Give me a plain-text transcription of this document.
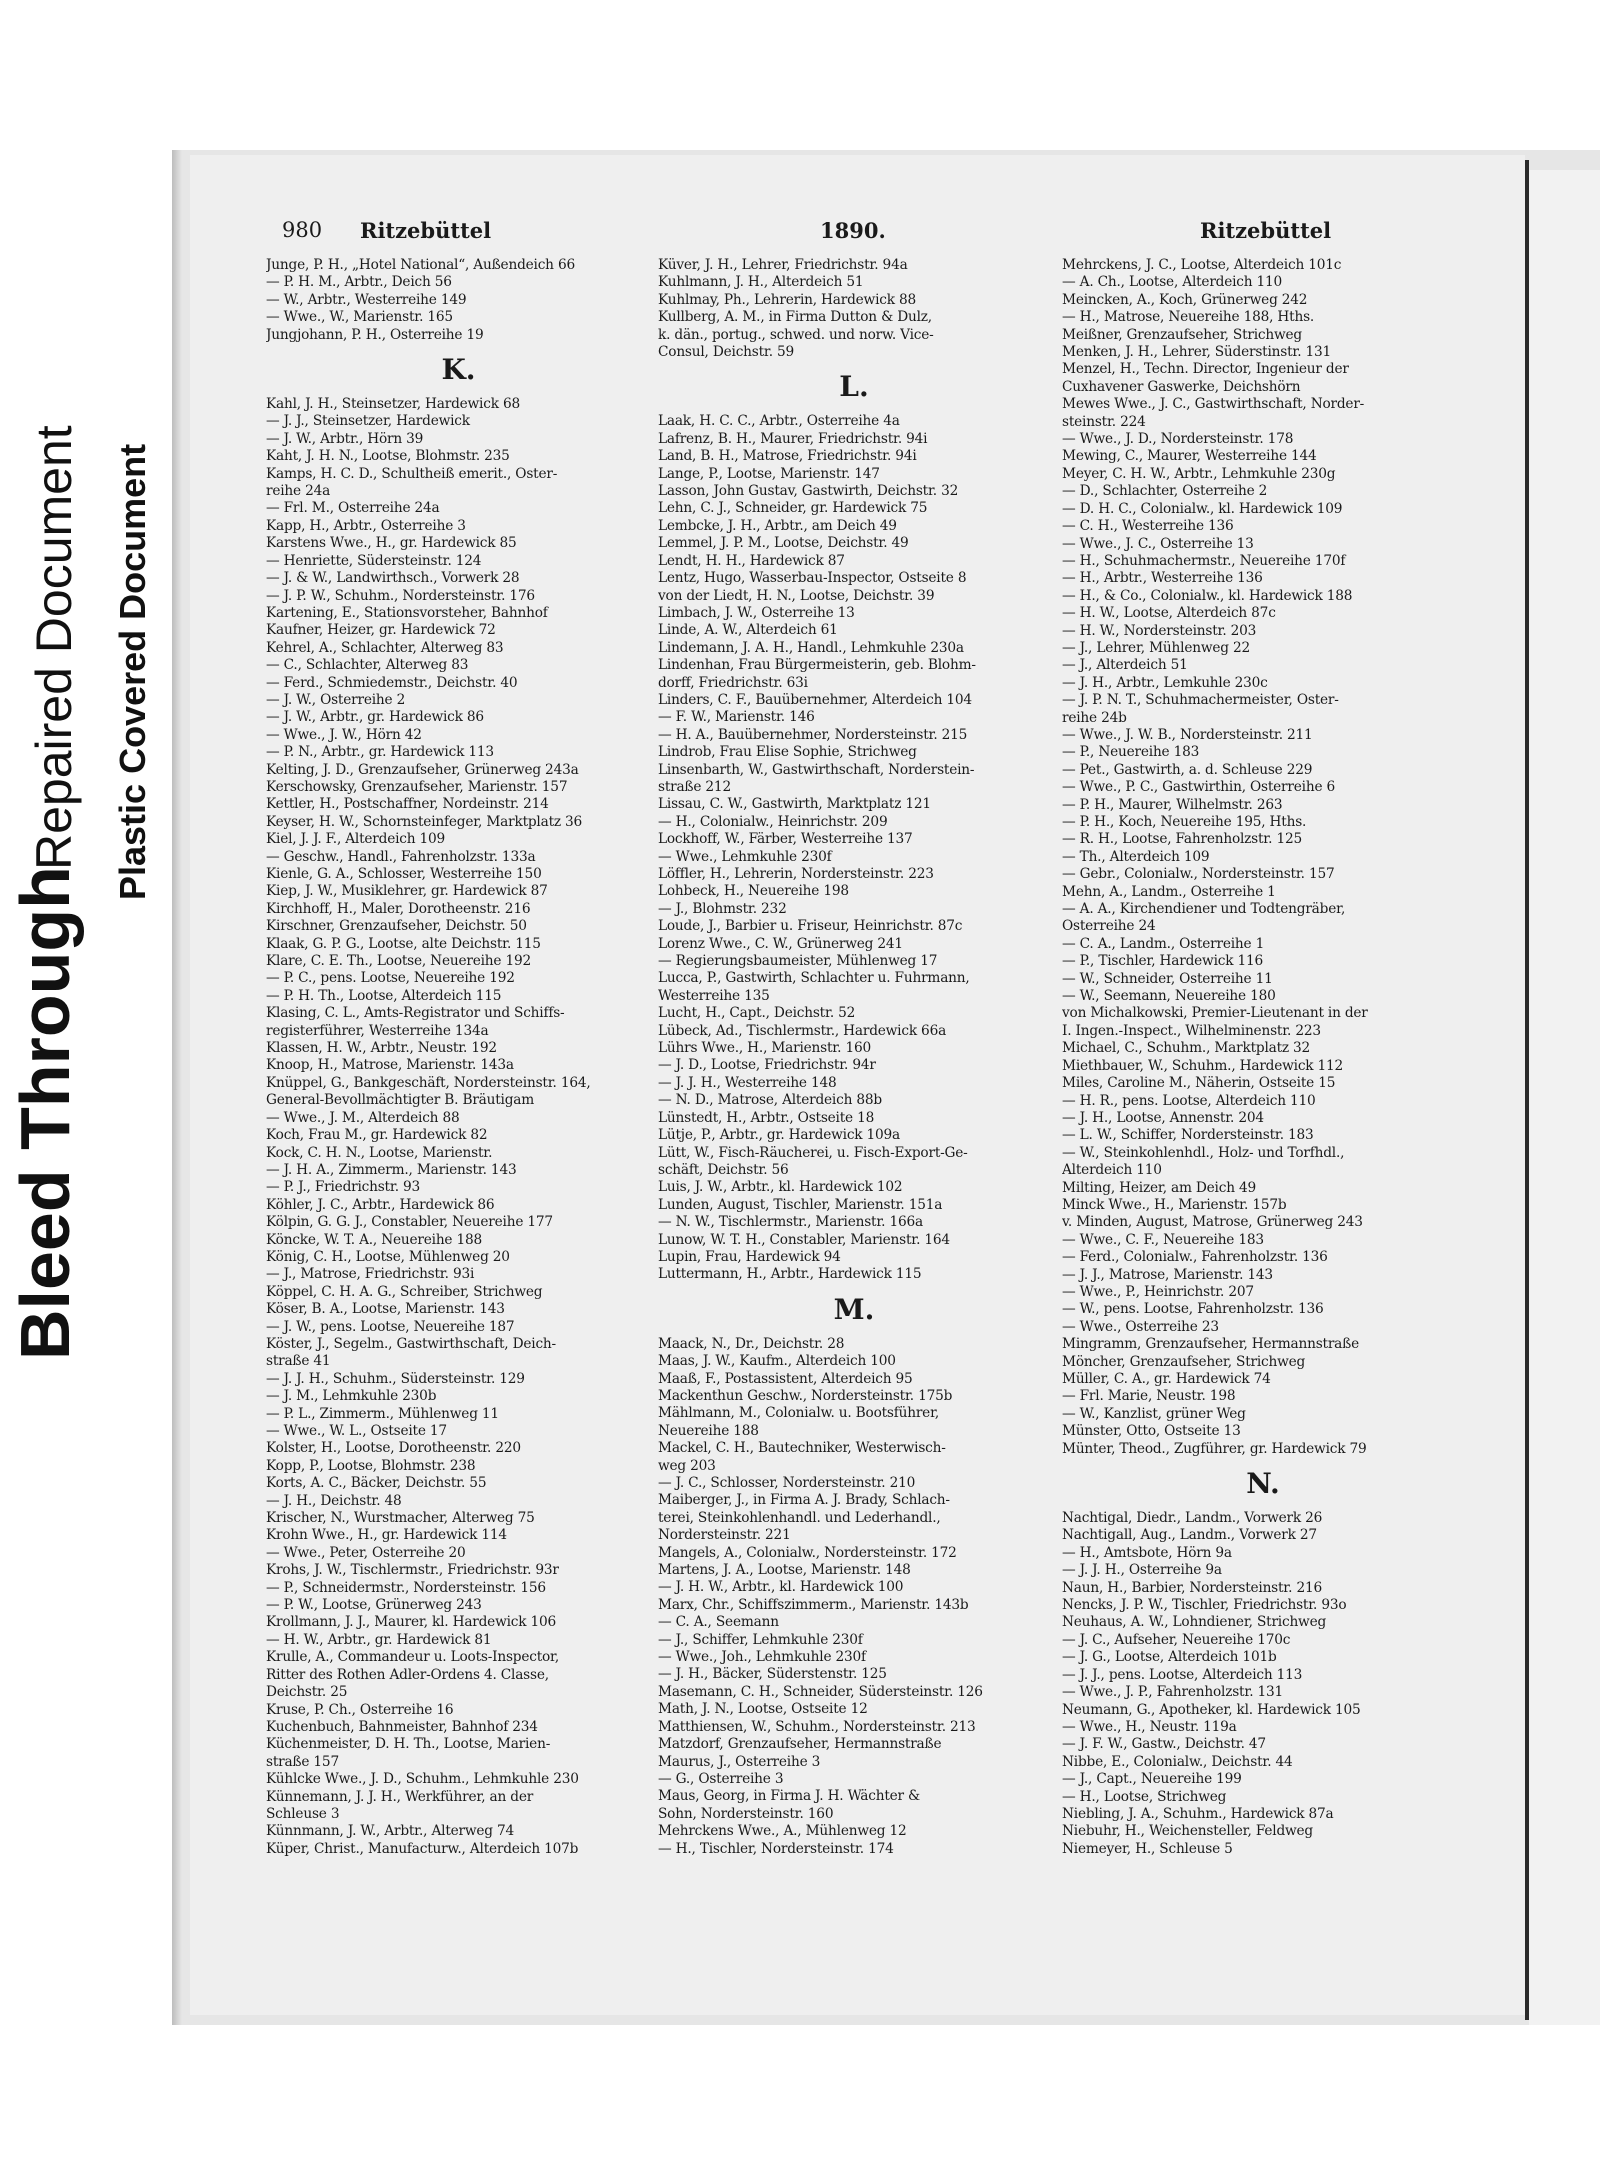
Bleed Through
Repaired Document Plastic Covered Document
980 Ritzebüttel	1890.	Ritzebüttel
Junge, P. H., „Hotel National“, Außendeich 66
— P. H. M., Arbtr., Deich 56
— W., Arbtr., Westerreihe 149
— Wwe., W., Marienstr. 165
Jungjohann, P. H., Osterreihe 19
K.
Kahl, J. H., Steinsetzer, Hardewick 68
— J. J., Steinsetzer, Hardewick
— J. W., Arbtr., Hörn 39
Kaht, J. H. N., Lootse, Blohmstr. 235
Kamps, H. C. D., Schultheiß emerit., Oster-
reihe 24a
— Frl. M., Osterreihe 24a
Kapp, H., Arbtr., Osterreihe 3
Karstens Wwe., H., gr. Hardewick 85
— Henriette, Südersteinstr. 124
— J. & W., Landwirthsch., Vorwerk 28
— J. P. W., Schuhm., Nordersteinstr. 176
Kartening, E., Stationsvorsteher, Bahnhof
Kaufner, Heizer, gr. Hardewick 72
Kehrel, A., Schlachter, Alterweg 83
— C., Schlachter, Alterweg 83
— Ferd., Schmiedemstr., Deichstr. 40
— J. W., Osterreihe 2
— J. W., Arbtr., gr. Hardewick 86
— Wwe., J. W., Hörn 42
— P. N., Arbtr., gr. Hardewick 113
Kelting, J. D., Grenzaufseher, Grünerweg 243a
Kerschowsky, Grenzaufseher, Marienstr. 157
Kettler, H., Postschaffner, Nordeinstr. 214
Keyser, H. W., Schornsteinfeger, Marktplatz 36
Kiel, J. J. F., Alterdeich 109
— Geschw., Handl., Fahrenholzstr. 133a
Kienle, G. A., Schlosser, Westerreihe 150
Kiep, J. W., Musiklehrer, gr. Hardewick 87
Kirchhoff, H., Maler, Dorotheenstr. 216
Kirschner, Grenzaufseher, Deichstr. 50
Klaak, G. P. G., Lootse, alte Deichstr. 115
Klare, C. E. Th., Lootse, Neuereihe 192
— P. C., pens. Lootse, Neuereihe 192
— P. H. Th., Lootse, Alterdeich 115
Klasing, C. L., Amts-Registrator und Schiffs-
registerführer, Westerreihe 134a
Klassen, H. W., Arbtr., Neustr. 192
Knoop, H., Matrose, Marienstr. 143a
Knüppel, G., Bankgeschäft, Nordersteinstr. 164,
General-Bevollmächtigter B. Bräutigam
— Wwe., J. M., Alterdeich 88
Koch, Frau M., gr. Hardewick 82
Kock, C. H. N., Lootse, Marienstr.
— J. H. A., Zimmerm., Marienstr. 143
— P. J., Friedrichstr. 93
Köhler, J. C., Arbtr., Hardewick 86
Kölpin, G. G. J., Constabler, Neuereihe 177
Köncke, W. T. A., Neuereihe 188
König, C. H., Lootse, Mühlenweg 20
— J., Matrose, Friedrichstr. 93i
Köppel, C. H. A. G., Schreiber, Strichweg
Köser, B. A., Lootse, Marienstr. 143
— J. W., pens. Lootse, Neuereihe 187
Köster, J., Segelm., Gastwirthschaft, Deich-
straße 41
— J. J. H., Schuhm., Südersteinstr. 129
— J. M., Lehmkuhle 230b
— P. L., Zimmerm., Mühlenweg 11
— Wwe., W. L., Ostseite 17
Kolster, H., Lootse, Dorotheenstr. 220
Kopp, P., Lootse, Blohmstr. 238
Korts, A. C., Bäcker, Deichstr. 55
— J. H., Deichstr. 48
Krischer, N., Wurstmacher, Alterweg 75
Krohn Wwe., H., gr. Hardewick 114
— Wwe., Peter, Osterreihe 20
Krohs, J. W., Tischlermstr., Friedrichstr. 93r
— P., Schneidermstr., Nordersteinstr. 156
— P. W., Lootse, Grünerweg 243
Krollmann, J. J., Maurer, kl. Hardewick 106
— H. W., Arbtr., gr. Hardewick 81
Krulle, A., Commandeur u. Loots-Inspector,
Ritter des Rothen Adler-Ordens 4. Classe,
Deichstr. 25
Kruse, P. Ch., Osterreihe 16
Kuchenbuch, Bahnmeister, Bahnhof 234
Küchenmeister, D. H. Th., Lootse, Marien-
straße 157
Kühlcke Wwe., J. D., Schuhm., Lehmkuhle 230
Künnemann, J. J. H., Werkführer, an der
Schleuse 3
Künnmann, J. W., Arbtr., Alterweg 74
Küper, Christ., Manufacturw., Alterdeich 107b
Küver, J. H., Lehrer, Friedrichstr. 94a
Kuhlmann, J. H., Alterdeich 51
Kuhlmay, Ph., Lehrerin, Hardewick 88
Kullberg, A. M., in Firma Dutton & Dulz,
k. dän., portug., schwed. und norw. Vice-
Consul, Deichstr. 59
L.
Laak, H. C. C., Arbtr., Osterreihe 4a
Lafrenz, B. H., Maurer, Friedrichstr. 94i
Land, B. H., Matrose, Friedrichstr. 94i
Lange, P., Lootse, Marienstr. 147
Lasson, John Gustav, Gastwirth, Deichstr. 32
Lehn, C. J., Schneider, gr. Hardewick 75
Lembcke, J. H., Arbtr., am Deich 49
Lemmel, J. P. M., Lootse, Deichstr. 49
Lendt, H. H., Hardewick 87
Lentz, Hugo, Wasserbau-Inspector, Ostseite 8
von der Liedt, H. N., Lootse, Deichstr. 39
Limbach, J. W., Osterreihe 13
Linde, A. W., Alterdeich 61
Lindemann, J. A. H., Handl., Lehmkuhle 230a
Lindenhan, Frau Bürgermeisterin, geb. Blohm-
dorff, Friedrichstr. 63i
Linders, C. F., Bauübernehmer, Alterdeich 104
— F. W., Marienstr. 146
— H. A., Bauübernehmer, Nordersteinstr. 215
Lindrob, Frau Elise Sophie, Strichweg
Linsenbarth, W., Gastwirthschaft, Norderstein-
straße 212
Lissau, C. W., Gastwirth, Marktplatz 121
— H., Colonialw., Heinrichstr. 209
Lockhoff, W., Färber, Westerreihe 137
— Wwe., Lehmkuhle 230f
Löffler, H., Lehrerin, Nordersteinstr. 223
Lohbeck, H., Neuereihe 198
— J., Blohmstr. 232
Loude, J., Barbier u. Friseur, Heinrichstr. 87c
Lorenz Wwe., C. W., Grünerweg 241
— Regierungsbaumeister, Mühlenweg 17
Lucca, P., Gastwirth, Schlachter u. Fuhrmann,
Westerreihe 135
Lucht, H., Capt., Deichstr. 52
Lübeck, Ad., Tischlermstr., Hardewick 66a
Lührs Wwe., H., Marienstr. 160
— J. D., Lootse, Friedrichstr. 94r
— J. J. H., Westerreihe 148
— N. D., Matrose, Alterdeich 88b
Lünstedt, H., Arbtr., Ostseite 18
Lütje, P., Arbtr., gr. Hardewick 109a
Lütt, W., Fisch-Räucherei, u. Fisch-Export-Ge-
schäft, Deichstr. 56
Luis, J. W., Arbtr., kl. Hardewick 102
Lunden, August, Tischler, Marienstr. 151a
— N. W., Tischlermstr., Marienstr. 166a
Lunow, W. T. H., Constabler, Marienstr. 164
Lupin, Frau, Hardewick 94
Luttermann, H., Arbtr., Hardewick 115
M.
Maack, N., Dr., Deichstr. 28
Maas, J. W., Kaufm., Alterdeich 100
Maaß, F., Postassistent, Alterdeich 95
Mackenthun Geschw., Nordersteinstr. 175b
Mählmann, M., Colonialw. u. Bootsführer,
Neuereihe 188
Mackel, C. H., Bautechniker, Westerwisch-
weg 203
— J. C., Schlosser, Nordersteinstr. 210
Maiberger, J., in Firma A. J. Brady, Schlach-
terei, Steinkohlenhandl. und Lederhandl.,
Nordersteinstr. 221
Mangels, A., Colonialw., Nordersteinstr. 172
Martens, J. A., Lootse, Marienstr. 148
— J. H. W., Arbtr., kl. Hardewick 100
Marx, Chr., Schiffszimmerm., Marienstr. 143b
— C. A., Seemann
— J., Schiffer, Lehmkuhle 230f
— Wwe., Joh., Lehmkuhle 230f
— J. H., Bäcker, Süderstenstr. 125
Masemann, C. H., Schneider, Südersteinstr. 126
Math, J. N., Lootse, Ostseite 12
Matthiensen, W., Schuhm., Nordersteinstr. 213
Matzdorf, Grenzaufseher, Hermannstraße
Maurus, J., Osterreihe 3
— G., Osterreihe 3
Maus, Georg, in Firma J. H. Wächter &
Sohn, Nordersteinstr. 160
Mehrckens Wwe., A., Mühlenweg 12
— H., Tischler, Nordersteinstr. 174
Mehrckens, J. C., Lootse, Alterdeich 101c
— A. Ch., Lootse, Alterdeich 110
Meincken, A., Koch, Grünerweg 242
— H., Matrose, Neuereihe 188, Hths.
Meißner, Grenzaufseher, Strichweg
Menken, J. H., Lehrer, Süderstinstr. 131
Menzel, H., Techn. Director, Ingenieur der
Cuxhavener Gaswerke, Deichshörn
Mewes Wwe., J. C., Gastwirthschaft, Norder-
steinstr. 224
— Wwe., J. D., Nordersteinstr. 178
Mewing, C., Maurer, Westerreihe 144
Meyer, C. H. W., Arbtr., Lehmkuhle 230g
— D., Schlachter, Osterreihe 2
— D. H. C., Colonialw., kl. Hardewick 109
— C. H., Westerreihe 136
— Wwe., J. C., Osterreihe 13
— H., Schuhmachermstr., Neuereihe 170f
— H., Arbtr., Westerreihe 136
— H., & Co., Colonialw., kl. Hardewick 188
— H. W., Lootse, Alterdeich 87c
— H. W., Nordersteinstr. 203
— J., Lehrer, Mühlenweg 22
— J., Alterdeich 51
— J. H., Arbtr., Lemkuhle 230c
— J. P. N. T., Schuhmachermeister, Oster-
reihe 24b
— Wwe., J. W. B., Nordersteinstr. 211
— P., Neuereihe 183
— Pet., Gastwirth, a. d. Schleuse 229
— Wwe., P. C., Gastwirthin, Osterreihe 6
— P. H., Maurer, Wilhelmstr. 263
— P. H., Koch, Neuereihe 195, Hths.
— R. H., Lootse, Fahrenholzstr. 125
— Th., Alterdeich 109
— Gebr., Colonialw., Nordersteinstr. 157
Mehn, A., Landm., Osterreihe 1
— A. A., Kirchendiener und Todtengräber,
Osterreihe 24
— C. A., Landm., Osterreihe 1
— P., Tischler, Hardewick 116
— W., Schneider, Osterreihe 11
— W., Seemann, Neuereihe 180
von Michalkowski, Premier-Lieutenant in der
I. Ingen.-Inspect., Wilhelminenstr. 223
Michael, C., Schuhm., Marktplatz 32
Miethbauer, W., Schuhm., Hardewick 112
Miles, Caroline M., Näherin, Ostseite 15
— H. R., pens. Lootse, Alterdeich 110
— J. H., Lootse, Annenstr. 204
— L. W., Schiffer, Nordersteinstr. 183
— W., Steinkohlenhdl., Holz- und Torfhdl.,
Alterdeich 110
Milting, Heizer, am Deich 49
Minck Wwe., H., Marienstr. 157b
v. Minden, August, Matrose, Grünerweg 243
— Wwe., C. F., Neuereihe 183
— Ferd., Colonialw., Fahrenholzstr. 136
— J. J., Matrose, Marienstr. 143
— Wwe., P., Heinrichstr. 207
— W., pens. Lootse, Fahrenholzstr. 136
— Wwe., Osterreihe 23
Mingramm, Grenzaufseher, Hermannstraße
Möncher, Grenzaufseher, Strichweg
Müller, C. A., gr. Hardewick 74
— Frl. Marie, Neustr. 198
— W., Kanzlist, grüner Weg
Münster, Otto, Ostseite 13
Münter, Theod., Zugführer, gr. Hardewick 79
N.
Nachtigal, Diedr., Landm., Vorwerk 26
Nachtigall, Aug., Landm., Vorwerk 27
— H., Amtsbote, Hörn 9a
— J. J. H., Osterreihe 9a
Naun, H., Barbier, Nordersteinstr. 216
Nencks, J. P. W., Tischler, Friedrichstr. 93o
Neuhaus, A. W., Lohndiener, Strichweg
— J. C., Aufseher, Neuereihe 170c
— J. G., Lootse, Alterdeich 101b
— J. J., pens. Lootse, Alterdeich 113
— Wwe., J. P., Fahrenholzstr. 131
Neumann, G., Apotheker, kl. Hardewick 105
— Wwe., H., Neustr. 119a
— J. F. W., Gastw., Deichstr. 47
Nibbe, E., Colonialw., Deichstr. 44
— J., Capt., Neuereihe 199
— H., Lootse, Strichweg
Niebling, J. A., Schuhm., Hardewick 87a
Niebuhr, H., Weichensteller, Feldweg
Niemeyer, H., Schleuse 5
